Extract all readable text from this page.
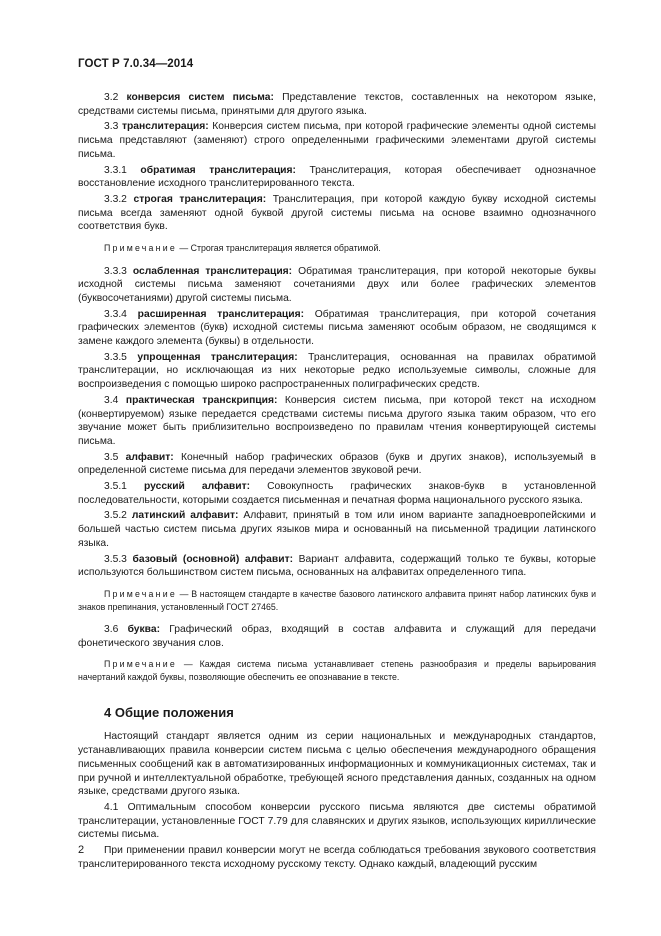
ГОСТ Р 7.0.34—2014

3.2 конверсия систем письма: Представление текстов, составленных на некотором языке, средствами системы письма, принятыми для другого языка.

3.3 транслитерация: Конверсия систем письма, при которой графические элементы одной системы письма представляют (заменяют) строго определенными графическими элементами другой системы письма.

3.3.1 обратимая транслитерация: Транслитерация, которая обеспечивает однозначное восстановление исходного транслитерированного текста.

3.3.2 строгая транслитерация: Транслитерация, при которой каждую букву исходной системы письма всегда заменяют одной буквой другой системы письма на основе взаимно однозначного соответствия букв.

Примечание — Строгая транслитерация является обратимой.

3.3.3 ослабленная транслитерация: Обратимая транслитерация, при которой некоторые буквы исходной системы письма заменяют сочетаниями двух или более графических элементов (буквосочетаниями) другой системы письма.

3.3.4 расширенная транслитерация: Обратимая транслитерация, при которой сочетания графических элементов (букв) исходной системы письма заменяют особым образом, не сводящимся к замене каждого элемента (буквы) в отдельности.

3.3.5 упрощенная транслитерация: Транслитерация, основанная на правилах обратимой транслитерации, но исключающая из них некоторые редко используемые символы, сложные для воспроизведения с помощью широко распространенных полиграфических средств.

3.4 практическая транскрипция: Конверсия систем письма, при которой текст на исходном (конвертируемом) языке передается средствами системы письма другого языка таким образом, что его звучание может быть приблизительно воспроизведено по правилам чтения конвертирующей системы письма.

3.5 алфавит: Конечный набор графических образов (букв и других знаков), используемый в определенной системе письма для передачи элементов звуковой речи.

3.5.1 русский алфавит: Совокупность графических знаков-букв в установленной последовательности, которыми создается письменная и печатная форма национального русского языка.

3.5.2 латинский алфавит: Алфавит, принятый в том или ином варианте западноевропейскими и большей частью систем письма других языков мира и основанный на письменной традиции латинского языка.

3.5.3 базовый (основной) алфавит: Вариант алфавита, содержащий только те буквы, которые используются большинством систем письма, основанных на алфавитах определенного типа.

Примечание — В настоящем стандарте в качестве базового латинского алфавита принят набор латинских букв и знаков препинания, установленный ГОСТ 27465.

3.6 буква: Графический образ, входящий в состав алфавита и служащий для передачи фонетического звучания слов.

Примечание — Каждая система письма устанавливает степень разнообразия и пределы варьирования начертаний каждой буквы, позволяющие обеспечить ее опознавание в тексте.

4 Общие положения

Настоящий стандарт является одним из серии национальных и международных стандартов, устанавливающих правила конверсии систем письма с целью обеспечения международного обращения письменных сообщений как в автоматизированных информационных и коммуникационных системах, так и при ручной и интеллектуальной обработке, требующей ясного представления данных, созданных на одном языке, средствами другого языка.

4.1 Оптимальным способом конверсии русского письма являются две системы обратимой транслитерации, установленные ГОСТ 7.79 для славянских и других языков, использующих кириллические системы письма.

При применении правил конверсии могут не всегда соблюдаться требования звукового соответствия транслитерированного текста исходному русскому тексту. Однако каждый, владеющий русским

2
